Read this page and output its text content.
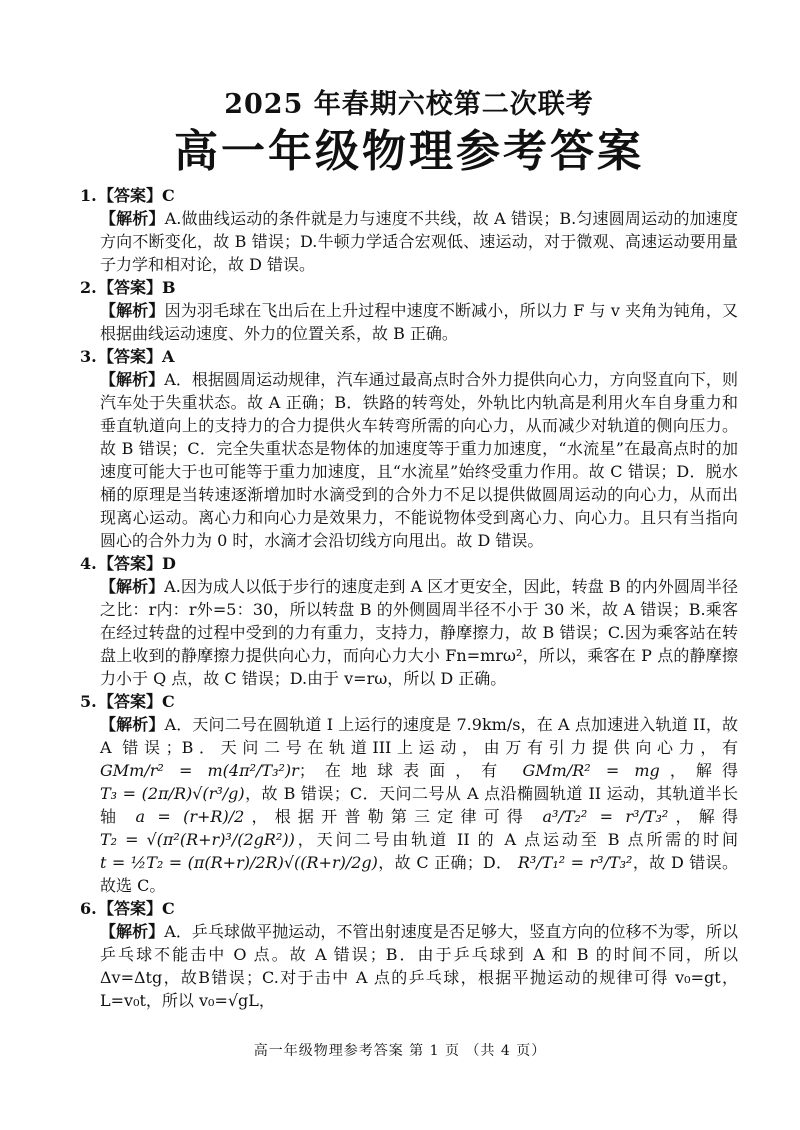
2025 年春期六校第二次联考
高一年级物理参考答案
1.【答案】C
【解析】A.做曲线运动的条件就是力与速度不共线，故 A 错误；B.匀速圆周运动的加速度方向不断变化，故 B 错误；D.牛顿力学适合宏观低、速运动，对于微观、高速运动要用量子力学和相对论，故 D 错误。
2.【答案】B
【解析】因为羽毛球在飞出后在上升过程中速度不断减小，所以力 F 与 v 夹角为钝角，又根据曲线运动速度、外力的位置关系，故 B 正确。
3.【答案】A
【解析】A．根据圆周运动规律，汽车通过最高点时合外力提供向心力，方向竖直向下，则汽车处于失重状态。故 A 正确；B．铁路的转弯处，外轨比内轨高是利用火车自身重力和垂直轨道向上的支持力的合力提供火车转弯所需的向心力，从而减少对轨道的侧向压力。故 B 错误；C．完全失重状态是物体的加速度等于重力加速度，“水流星”在最高点时的加速度可能大于也可能等于重力加速度，且“水流星”始终受重力作用。故 C 错误；D．脱水桶的原理是当转速逐渐增加时水滴受到的合外力不足以提供做圆周运动的向心力，从而出现离心运动。离心力和向心力是效果力，不能说物体受到离心力、向心力。且只有当指向圆心的合外力为 0 时，水滴才会沿切线方向甩出。故 D 错误。
4.【答案】D
【解析】A.因为成人以低于步行的速度走到 A 区才更安全，因此，转盘 B 的内外圆周半径之比：r内：r外=5：30，所以转盘 B 的外侧圆周半径不小于 30 米，故 A 错误；B.乘客在经过转盘的过程中受到的力有重力，支持力，静摩擦力，故 B 错误；C.因为乘客站在转盘上收到的静摩擦力提供向心力，而向心力大小 Fn=mrω²，所以，乘客在 P 点的静摩擦力小于 Q 点，故 C 错误；D.由于 v=rω，所以 D 正确。
5.【答案】C
【解析】A．天问二号在圆轨道 I 上运行的速度是 7.9km/s，在 A 点加速进入轨道 II，故 A 错误；B．天问二号在轨道III上运动，由万有引力提供向心力，有 GMm/r² = m(4π²/T₃²)r；在地球表面，有 GMm/R² = mg，解得 T₃ = (2π/R)√(r³/g)，故 B 错误；C．天问二号从 A 点沿椭圆轨道 II 运动，其轨道半长轴 a = (r+R)/2，根据开普勒第三定律可得 a³/T₂² = r³/T₃²，解得 T₂ = √(π²(R+r)³/(2gR²))，天问二号由轨道 II 的 A 点运动至 B 点所需的时间 t = ½T₂ = (π(R+r)/2R)√((R+r)/2g)，故 C 正确；D． R³/T₁² = r³/T₃²，故 D 错误。故选 C。
6.【答案】C
【解析】A．乒乓球做平抛运动，不管出射速度是否足够大，竖直方向的位移不为零，所以乒乓球不能击中 O 点。故 A 错误；B．由于乒乓球到 A 和 B 的时间不同，所以Δv=Δtg，故B错误；C.对于击中 A 点的乒乓球，根据平抛运动的规律可得 v₀=gt，L=v₀t，所以 v₀=√gL，
高一年级物理参考答案 第 1 页 （共 4 页）
